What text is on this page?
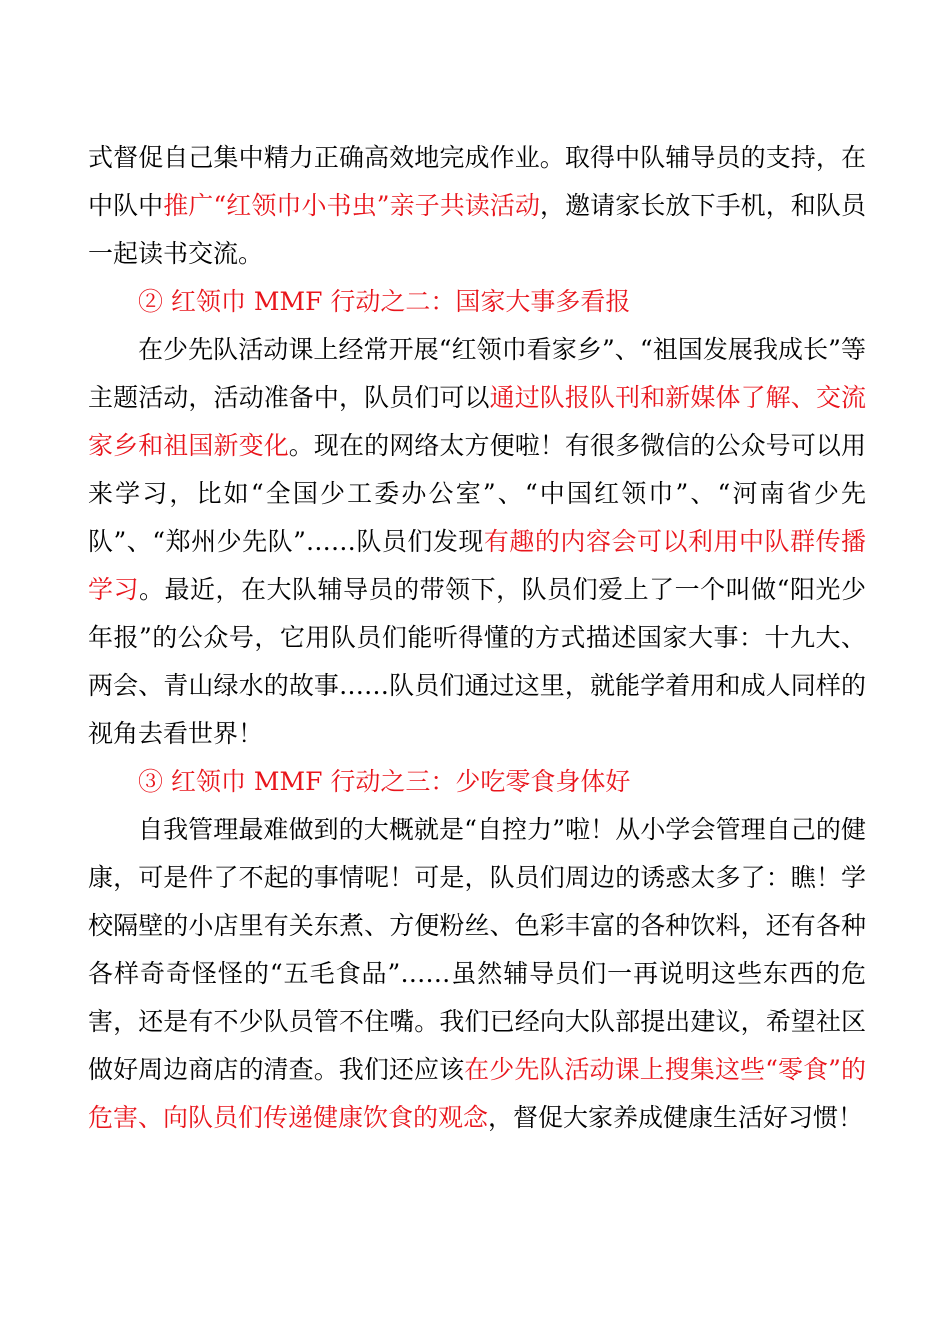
式督促自己集中精力正确高效地完成作业。取得中队辅导员的支持，在中队中推广“红领巾小书虫”亲子共读活动，邀请家长放下手机，和队员一起读书交流。

② 红领巾 MMF 行动之二：国家大事多看报

在少先队活动课上经常开展“红领巾看家乡”、“祖国发展我成长”等主题活动，活动准备中，队员们可以通过队报队刊和新媒体了解、交流家乡和祖国新变化。现在的网络太方便啦！有很多微信的公众号可以用来学习，比如“全国少工委办公室”、“中国红领巾”、“河南省少先队”、“郑州少先队”……队员们发现有趣的内容会可以利用中队群传播学习。最近，在大队辅导员的带领下，队员们爱上了一个叫做“阳光少年报”的公众号，它用队员们能听得懂的方式描述国家大事：十九大、两会、青山绿水的故事……队员们通过这里，就能学着用和成人同样的视角去看世界！

③ 红领巾 MMF 行动之三：少吃零食身体好

自我管理最难做到的大概就是“自控力”啦！从小学会管理自己的健康，可是件了不起的事情呢！可是，队员们周边的诱惑太多了：瞧！学校隔壁的小店里有关东煮、方便粉丝、色彩丰富的各种饮料，还有各种各样奇奇怪怪的“五毛食品”……虽然辅导员们一再说明这些东西的危害，还是有不少队员管不住嘴。我们已经向大队部提出建议，希望社区做好周边商店的清查。我们还应该在少先队活动课上搜集这些“零食”的危害、向队员们传递健康饮食的观念，督促大家养成健康生活好习惯！
